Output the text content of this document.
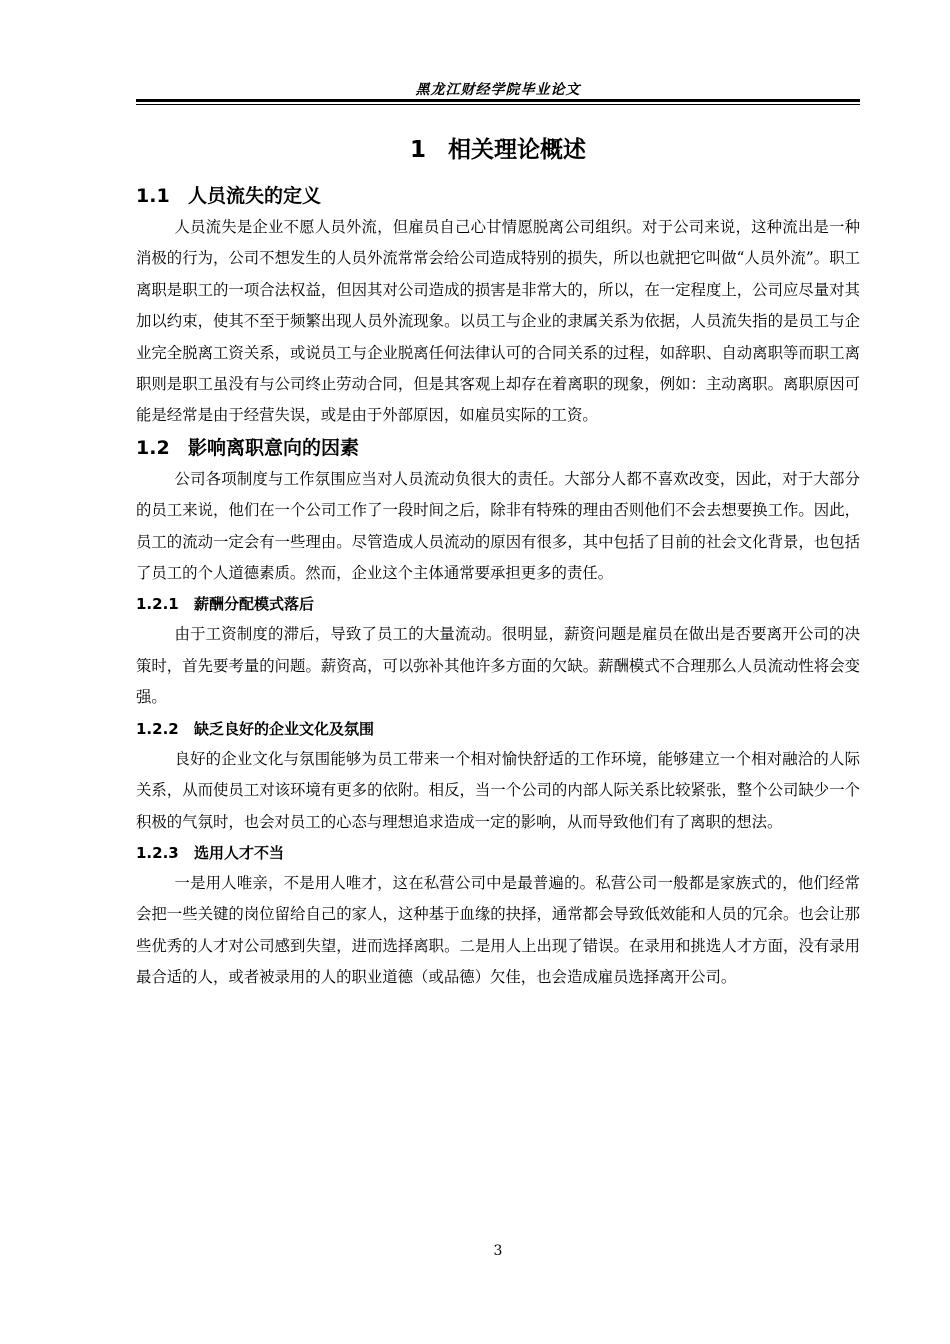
黑龙江财经学院毕业论文
1 相关理论概述
1.1 人员流失的定义

人员流失是企业不愿人员外流，但雇员自己心甘情愿脱离公司组织。对于公司来说，这种流出是一种消极的行为，公司不想发生的人员外流常常会给公司造成特别的损失，所以也就把它叫做“人员外流”。职工离职是职工的一项合法权益，但因其对公司造成的损害是非常大的，所以，在一定程度上，公司应尽量对其加以约束，使其不至于频繁出现人员外流现象。以员工与企业的隶属关系为依据，人员流失指的是员工与企业完全脱离工资关系，或说员工与企业脱离任何法律认可的合同关系的过程，如辞职、自动离职等而职工离职则是职工虽没有与公司终止劳动合同，但是其客观上却存在着离职的现象，例如：主动离职。离职原因可能是经常是由于经营失误，或是由于外部原因，如雇员实际的工资。

1.2 影响离职意向的因素

公司各项制度与工作氛围应当对人员流动负很大的责任。大部分人都不喜欢改变，因此，对于大部分的员工来说，他们在一个公司工作了一段时间之后，除非有特殊的理由否则他们不会去想要换工作。因此，员工的流动一定会有一些理由。尽管造成人员流动的原因有很多，其中包括了目前的社会文化背景，也包括了员工的个人道德素质。然而，企业这个主体通常要承担更多的责任。

1.2.1 薪酬分配模式落后

由于工资制度的滞后，导致了员工的大量流动。很明显，薪资问题是雇员在做出是否要离开公司的决策时，首先要考量的问题。薪资高，可以弥补其他许多方面的欠缺。薪酬模式不合理那么人员流动性将会变强。

1.2.2 缺乏良好的企业文化及氛围

良好的企业文化与氛围能够为员工带来一个相对愉快舒适的工作环境，能够建立一个相对融洽的人际关系，从而使员工对该环境有更多的依附。相反，当一个公司的内部人际关系比较紧张，整个公司缺少一个积极的气氛时，也会对员工的心态与理想追求造成一定的影响，从而导致他们有了离职的想法。

1.2.3 选用人才不当

一是用人唯亲，不是用人唯才，这在私营公司中是最普遍的。私营公司一般都是家族式的，他们经常会把一些关键的岗位留给自己的家人，这种基于血缘的抉择，通常都会导致低效能和人员的冗余。也会让那些优秀的人才对公司感到失望，进而选择离职。二是用人上出现了错误。在录用和挑选人才方面，没有录用最合适的人，或者被录用的人的职业道德（或品德）欠佳，也会造成雇员选择离开公司。

3
